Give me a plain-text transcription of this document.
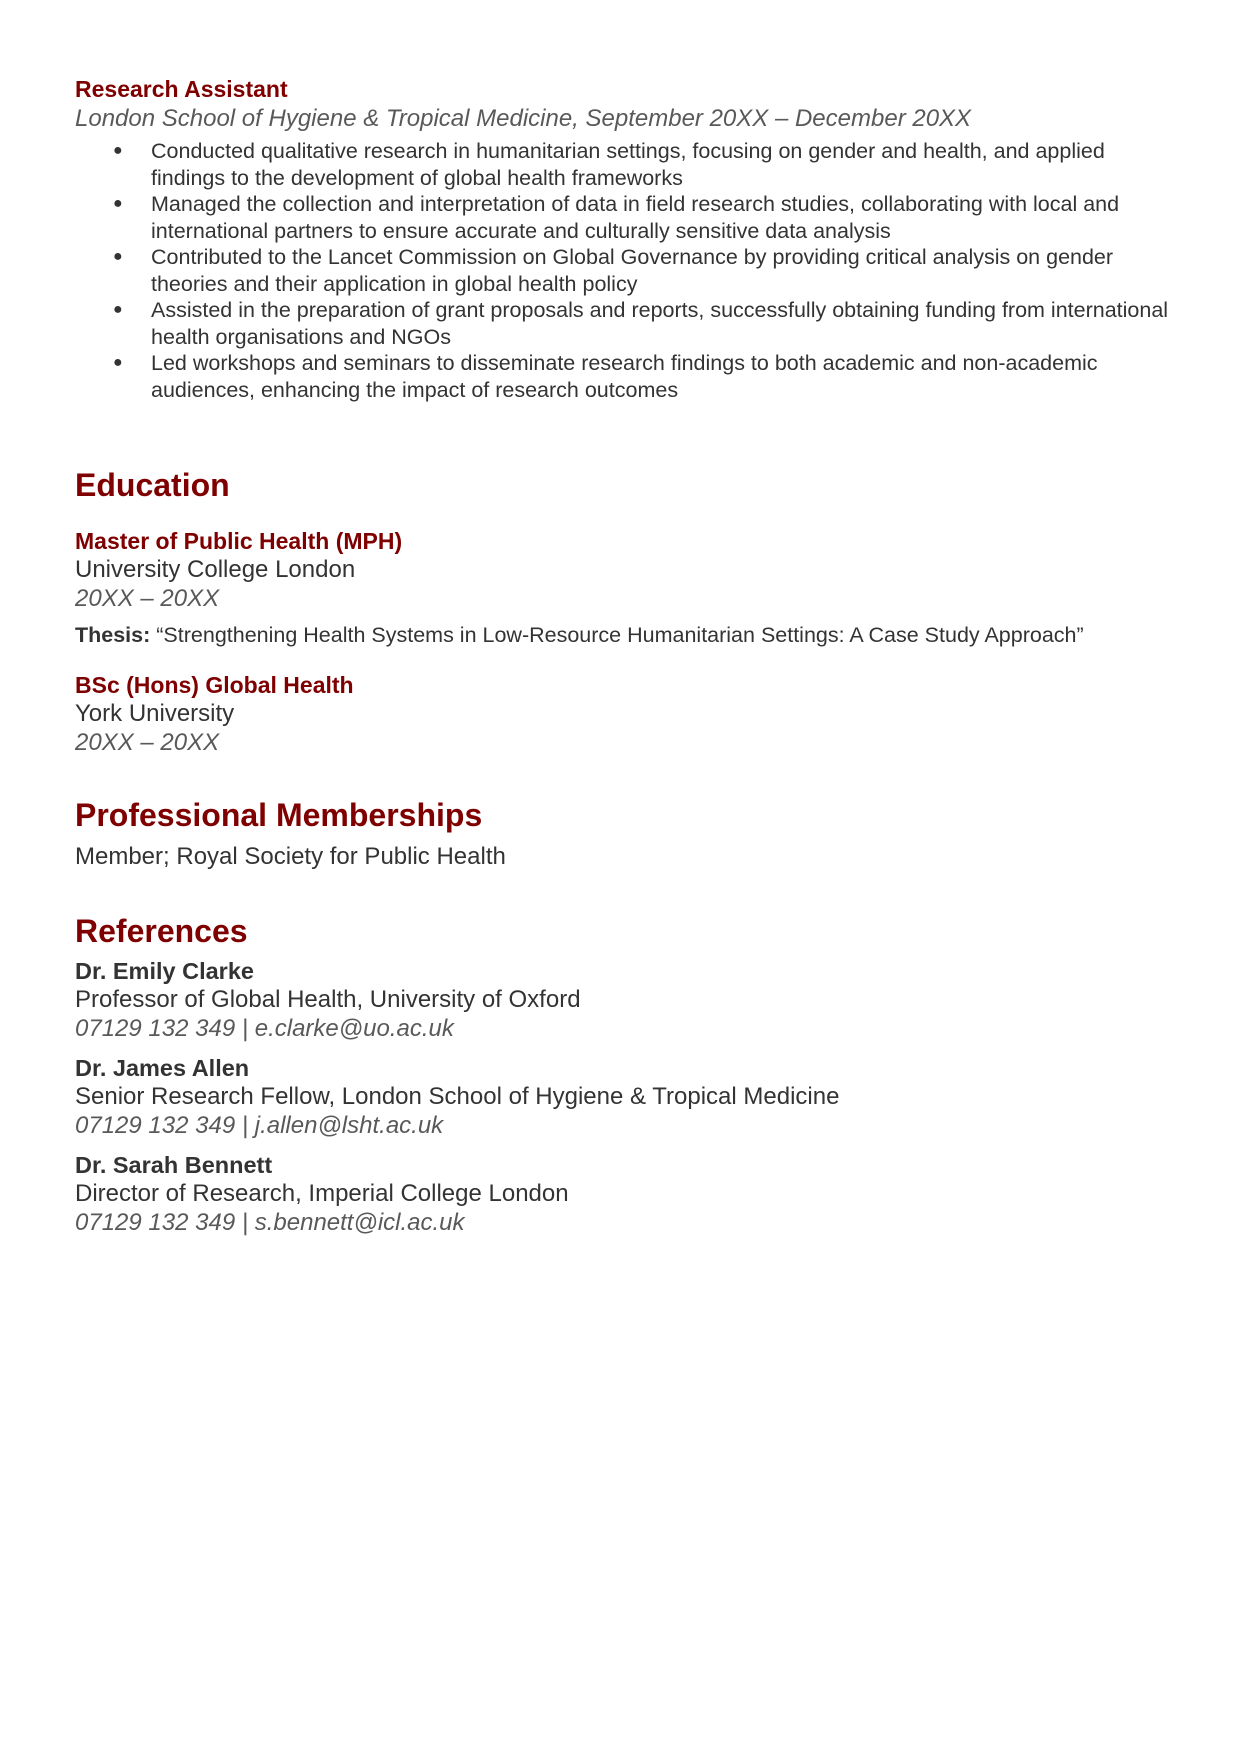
Research Assistant

London School of Hygiene & Tropical Medicine, September 20XX – December 20XX

● Conducted qualitative research in humanitarian settings, focusing on gender and health, and applied findings to the development of global health frameworks
● Managed the collection and interpretation of data in field research studies, collaborating with local and international partners to ensure accurate and culturally sensitive data analysis
● Contributed to the Lancet Commission on Global Governance by providing critical analysis on gender theories and their application in global health policy
● Assisted in the preparation of grant proposals and reports, successfully obtaining funding from international health organisations and NGOs
● Led workshops and seminars to disseminate research findings to both academic and non-academic audiences, enhancing the impact of research outcomes
Education

Master of Public Health (MPH)

University College London

20XX – 20XX

Thesis: “Strengthening Health Systems in Low-Resource Humanitarian Settings: A Case Study Approach”

BSc (Hons) Global Health

York University

20XX – 20XX

Professional Memberships

Member; Royal Society for Public Health

References

Dr. Emily Clarke

Professor of Global Health, University of Oxford

07129 132 349 | e.clarke@uo.ac.uk

Dr. James Allen

Senior Research Fellow, London School of Hygiene & Tropical Medicine

07129 132 349 | j.allen@lsht.ac.uk

Dr. Sarah Bennett

Director of Research, Imperial College London

07129 132 349 | s.bennett@icl.ac.uk
